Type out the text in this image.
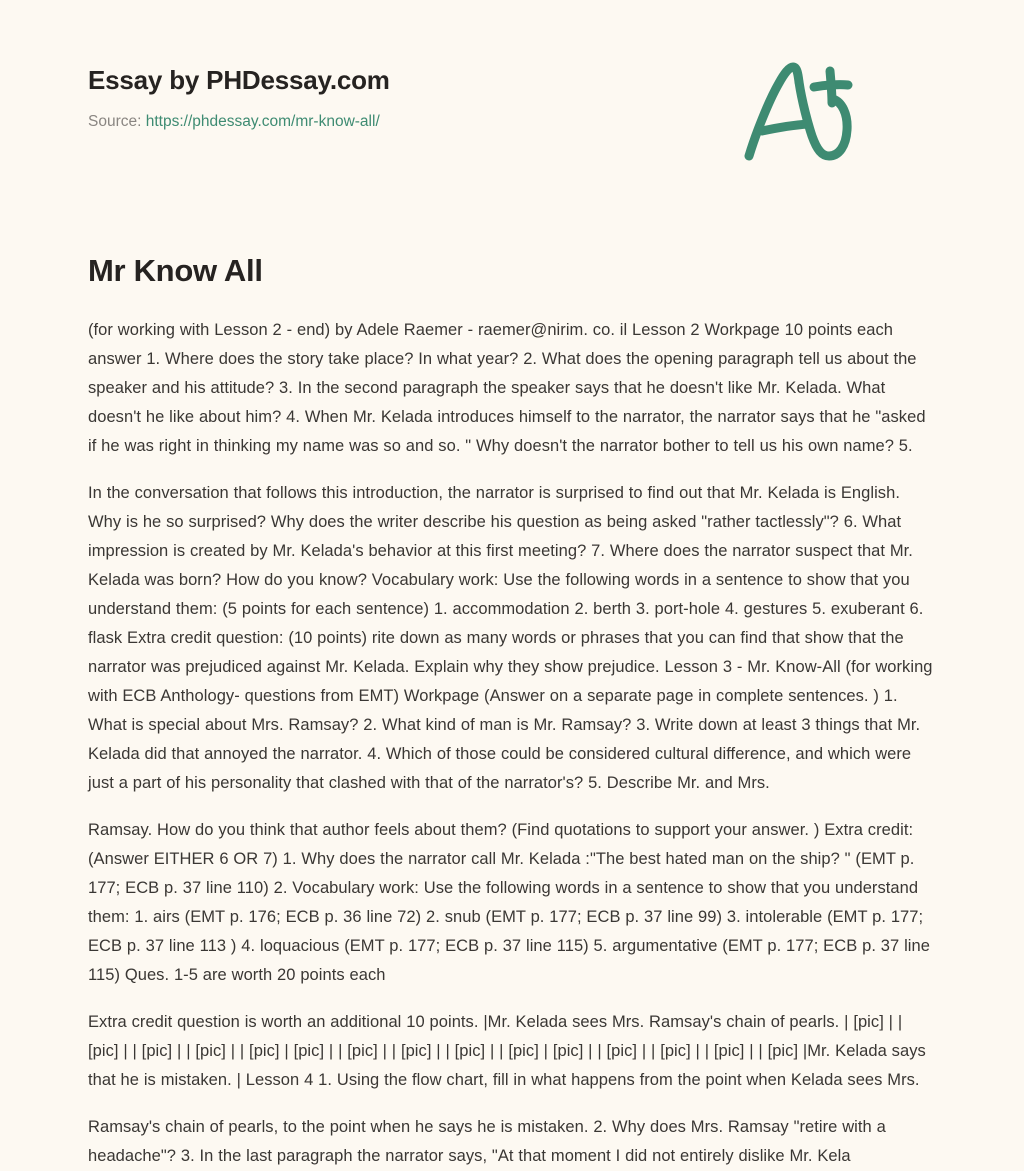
Essay by PHDessay.com
Source: https://phdessay.com/mr-know-all/
Mr Know All

(for working with Lesson 2 - end) by Adele Raemer - raemer@nirim. co. il Lesson 2 Workpage 10 points each answer 1. Where does the story take place? In what year? 2. What does the opening paragraph tell us about the speaker and his attitude? 3. In the second paragraph the speaker says that he doesn't like Mr. Kelada. What doesn't he like about him? 4. When Mr. Kelada introduces himself to the narrator, the narrator says that he "asked if he was right in thinking my name was so and so. " Why doesn't the narrator bother to tell us his own name? 5.

In the conversation that follows this introduction, the narrator is surprised to find out that Mr. Kelada is English. Why is he so surprised? Why does the writer describe his question as being asked "rather tactlessly"? 6. What impression is created by Mr. Kelada's behavior at this first meeting? 7. Where does the narrator suspect that Mr. Kelada was born? How do you know? Vocabulary work: Use the following words in a sentence to show that you understand them: (5 points for each sentence) 1. accommodation 2. berth 3. port-hole 4. gestures 5. exuberant 6. flask Extra credit question: (10 points) rite down as many words or phrases that you can find that show that the narrator was prejudiced against Mr. Kelada. Explain why they show prejudice. Lesson 3 - Mr. Know-All (for working with ECB Anthology- questions from EMT) Workpage (Answer on a separate page in complete sentences. ) 1. What is special about Mrs. Ramsay? 2. What kind of man is Mr. Ramsay? 3. Write down at least 3 things that Mr. Kelada did that annoyed the narrator. 4. Which of those could be considered cultural difference, and which were just a part of his personality that clashed with that of the narrator's? 5. Describe Mr. and Mrs.

Ramsay. How do you think that author feels about them? (Find quotations to support your answer. ) Extra credit: (Answer EITHER 6 OR 7) 1. Why does the narrator call Mr. Kelada :"The best hated man on the ship? " (EMT p. 177; ECB p. 37 line 110) 2. Vocabulary work: Use the following words in a sentence to show that you understand them: 1. airs (EMT p. 176; ECB p. 36 line 72) 2. snub (EMT p. 177; ECB p. 37 line 99) 3. intolerable (EMT p. 177; ECB p. 37 line 113 ) 4. loquacious (EMT p. 177; ECB p. 37 line 115) 5. argumentative (EMT p. 177; ECB p. 37 line 115) Ques. 1-5 are worth 20 points each

Extra credit question is worth an additional 10 points. |Mr. Kelada sees Mrs. Ramsay's chain of pearls. | [pic] | | [pic] | | [pic] | | [pic] | | [pic] | [pic] | | [pic] | | [pic] | | [pic] | | [pic] | [pic] | | [pic] | | [pic] | | [pic] | | [pic] |Mr. Kelada says that he is mistaken. | Lesson 4 1. Using the flow chart, fill in what happens from the point when Kelada sees Mrs.

Ramsay's chain of pearls, to the point when he says he is mistaken. 2. Why does Mrs. Ramsay "retire with a headache"? 3. In the last paragraph the narrator says, "At that moment I did not entirely dislike Mr. Kela
